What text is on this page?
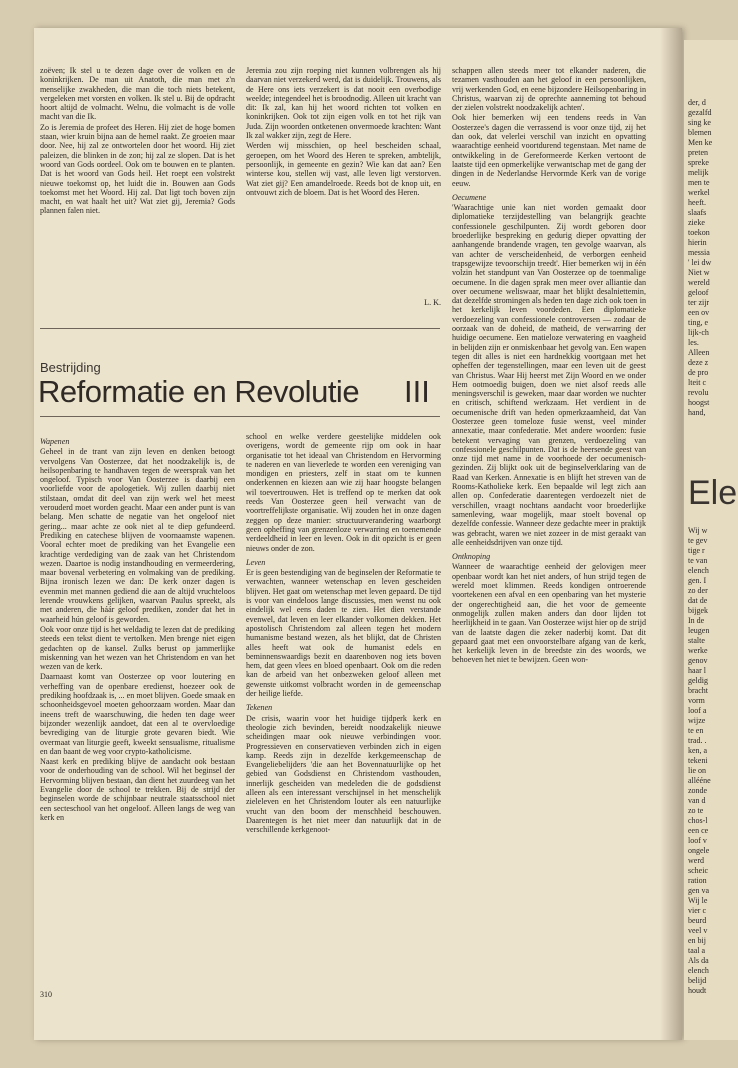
der, d
gezalfd
sing ke
blemen
Men ke
preten
spreke
melijk
men te
werkel
heeft.
slaafs
zieke
toekon
hierin
messia
' lei dw
Niet w
wereld
geloof
ter zijr
een ov
ting, e
lijk-ch
les.
Alleen
deze z
de pro
lteit c
revolu
hoogst
hand,
Ele
Wij w
te gev
tige r
te van
elench
gen. I
zo der
dat de
bijgek
In de
leugen
stalte
werke
genov
haar l
geldig
bracht
vorm
loof a
wijze
te en
trad. .
ken, a
tekeni
lie on
allééne
zonde
van d
zo te
chos-l
een ce
loof v
ongele
werd
scheic
ration
gen va
Wij le
vier c
beurd
veel v
en bij
taal a
Als da
elench
belijd
houdt

zoëven; Ik stel u te dezen dage over de volken en de koninkrijken. De man uit Anatoth, die man met z'n menselijke zwakheden, die man die toch niets betekent, vergeleken met vorsten en volken. Ik stel u. Bij de opdracht hoort altijd de volmacht. Welnu, die volmacht is de volle macht van die Ik.

Zo is Jeremia de profeet des Heren. Hij ziet de hoge bomen staan, wier kruin bijna aan de hemel raakt. Ze groeien maar door. Nee, hij zal ze ontwortelen door het woord. Hij ziet paleizen, die blinken in de zon; hij zal ze slopen. Dat is het woord van Gods oordeel. Ook om te bouwen en te planten. Dat is het woord van Gods heil. Het roept een volstrekt nieuwe toekomst op, het luidt die in. Bouwen aan Gods toekomst met het Woord. Hij zal. Dat ligt toch boven zijn macht, en wat haalt het uit? Wat ziet gij, Jeremia? Gods plannen falen niet.

Jeremia zou zijn roeping niet kunnen volbrengen als hij daarvan niet verzekerd werd, dat is duidelijk. Trouwens, als de Here ons iets verzekert is dat nooit een overbodige weelde; integendeel het is broodnodig. Alleen uit kracht van dit: Ik zal, kan hij het woord richten tot volken en koninkrijken. Ook tot zijn eigen volk en tot het rijk van Juda. Zijn woorden ontketenen onvermoede krachten: Want Ik zal wakker zijn, zegt de Here.

Werden wij misschien, op heel bescheiden schaal, geroepen, om het Woord des Heren te spreken, ambtelijk, persoonlijk, in gemeente en gezin? Wie kan dat aan? Een winterse kou, stellen wij vast, alle leven ligt verstorven. Wat ziet gij? Een amandelroede. Reeds bot de knop uit, en ontvouwt zich de bloem. Dat is het Woord des Heren.

L. K.
Bestrijding
Reformatie en Revolutie III

Wapenen

Geheel in de trant van zijn leven en denken betoogt vervolgens Van Oosterzee, dat het noodzakelijk is, de heilsopenbaring te handhaven tegen de weersprak van het ongeloof. Typisch voor Van Oosterzee is daarbij een voorliefde voor de apologetiek. Wij zullen daarbij niet stilstaan, omdat dit deel van zijn werk wel het meest verouderd moet worden geacht. Maar een ander punt is van belang. Men schatte de negatie van het ongeloof niet gering... maar achte ze ook niet al te diep gefundeerd. Prediking en catechese blijven de voornaamste wapenen. Vooral echter moet de prediking van het Evangelie een krachtige verdediging van de zaak van het Christendom wezen. Daartoe is nodig instandhouding en vermeerdering, maar bovenal verbetering en volmaking van de prediking. Bijna ironisch lezen we dan: De kerk onzer dagen is evenmin met mannen gediend die aan de altijd vruchteloos lerende vrouwkens gelijken, waarvan Paulus spreekt, als met anderen, die háár geloof prediken, zonder dat het in waarheid hún geloof is geworden.

Ook voor onze tijd is het weldadig te lezen dat de prediking steeds een tekst dient te vertolken. Men brenge niet eigen gedachten op de kansel. Zulks berust op jammerlijke miskenning van het wezen van het Christendom en van het wezen van de kerk.

Daarnaast komt van Oosterzee op voor loutering en verheffing van de openbare eredienst, hoezeer ook de prediking hoofdzaak is, ... en moet blijven. Goede smaak en schoonheidsgevoel moeten gehoorzaam worden. Maar dan ineens treft de waarschuwing, die heden ten dage weer bijzonder wezenlijk aandoet, dat een al te overvloedige bevrediging van de liturgie grote gevaren biedt. Wie overmaat van liturgie geeft, kweekt sensualisme, ritualisme en dan baant de weg voor crypto-katholicisme.

Naast kerk en prediking blijve de aandacht ook bestaan voor de onderhouding van de school. Wil het beginsel der Hervorming blijven bestaan, dan dient het zuurdeeg van het Evangelie door de school te trekken. Bij de strijd der beginselen worde de schijnbaar neutrale staatsschool niet een secteschool van het ongeloof. Alleen langs de weg van kerk en

school en welke verdere geestelijke middelen ook overigens, wordt de gemeente rijp om ook in haar organisatie tot het ideaal van Christendom en Hervorming te naderen en van lieverlede te worden een vereniging van mondigen en priesters, zelf in staat om te kunnen onderkennen en kiezen aan wie zij haar hoogste belangen wil toevertrouwen. Het is treffend op te merken dat ook reeds Van Oosterzee geen heil verwacht van de voortreffelijkste organisatie. Wij zouden het in onze dagen zeggen op deze manier: structuurverandering waarborgt geen opheffing van grenzenloze verwarring en toenemende verdeeldheid in leer en leven. Ook in dit opzicht is er geen nieuws onder de zon.

Leven

Er is geen bestendiging van de beginselen der Reformatie te verwachten, wanneer wetenschap en leven gescheiden blijven. Het gaat om wetenschap met leven gepaard. De tijd is voor van eindeloos lange discussies, men wenst nu ook eindelijk wel eens daden te zien. Het dien verstande evenwel, dat leven en leer elkander volkomen dekken. Het apostolisch Christendom zal alleen tegen het modern humanisme bestand wezen, als het blijkt, dat de Christen alles heeft wat ook de humanist edels en beminnenswaardigs bezit en daarenboven nog iets boven hem, dat geen vlees en bloed openbaart. Ook om die reden kan de arbeid van het onbezweken geloof alleen met gewenste uitkomst volbracht worden in de gemeenschap der heilige liefde.

Tekenen

De crisis, waarin voor het huidige tijdperk kerk en theologie zich bevinden, bereidt noodzakelijk nieuwe scheidingen maar ook nieuwe verbindingen voor. Progressieven en conservatieven verbinden zich in eigen kamp. Reeds zijn in dezelfde kerkgemeenschap de Evangeliebelijders 'die aan het Bovennatuurlijke op het gebied van Godsdienst en Christendom vasthouden, innerlijk gescheiden van medeleden die de godsdienst alleen als een interessant verschijnsel in het menschelijk zieleleven en het Christendom louter als een natuurlijke vrucht van den boom der menschheid beschouwen. Daarentegen is het niet meer dan natuurlijk dat in de verschillende kerkgenoot-

schappen allen steeds meer tot elkander naderen, die tezamen vasthouden aan het geloof in een persoonlijken, vrij werkenden God, en eene bijzondere Heilsopenbaring in Christus, waarvan zij de oprechte aanneming tot behoud der zielen volstrekt noodzakelijk achten'.

Ook hier bemerken wij een tendens reeds in Van Oosterzee's dagen die verrassend is voor onze tijd, zij het dan ook, dat velerlei verschil van inzicht en opvatting waarachtige eenheid voortdurend tegenstaan. Met name de ontwikkeling in de Gereformeerde Kerken vertoont de laatste tijd een opmerkelijke verwantschap met de gang der dingen in de Nederlandse Hervormde Kerk van de vorige eeuw.

Oecumene

'Waarachtige unie kan niet worden gemaakt door diplomatieke terzijdestelling van belangrijk geachte confessionele geschilpunten. Zij wordt geboren door broederlijke bespreking en gedurig dieper opvatting der aanhangende brandende vragen, ten gevolge waarvan, als van achter de verscheidenheid, de verborgen eenheid trapsgewijze tevoorschijn treedt'. Hier bemerken wij in één volzin het standpunt van Van Oosterzee op de toenmalige oecumene. In die dagen sprak men meer over alliantie dan over oecumene weliswaar, maar het blijkt desalniettemin, dat dezelfde stromingen als heden ten dage zich ook toen in het kerkelijk leven voordeden. Een diplomatieke verdoezeling van confessionele controversen — zodaar de oorzaak van de doheid, de matheid, de verwarring der huidige oecumene. Een matieloze verwatering en vaagheid in belijden zijn er onmiskenbaar het gevolg van. Een wapen tegen dit alles is niet een hardnekkig voortgaan met het opheffen der tegenstellingen, maar een leven uit de geest van Christus. Waar Hij heerst met Zijn Woord en we onder Hem ootmoedig buigen, doen we niet alsof reeds alle meningsverschil is geweken, maar daar worden we nuchter en critisch, schiftend werkzaam. Het verdient in de oecumenische drift van heden opmerkzaamheid, dat Van Oosterzee geen tomeloze fusie wenst, veel minder annexatie, maar confederatie. Met andere woorden: fusie betekent vervaging van grenzen, verdoezeling van confessionele geschilpunten. Dat is de heersende geest van onze tijd met name in de voorhoede der oecumenisch-gezinden. Zij blijkt ook uit de beginselverklaring van de Raad van Kerken. Annexatie is en blijft het streven van de Rooms-Katholieke kerk. Een bepaalde wil legt zich aan allen op. Confederatie daarentegen verdoezelt niet de verschillen, vraagt nochtans aandacht voor broederlijke samenleving, waar mogelijk, maar stoelt bovenal op dezelfde confessie. Wanneer deze gedachte meer in praktijk was gebracht, waren we niet zozeer in de mist geraakt van alle eenheidsdrijven van onze tijd.

Ontknoping

Wanneer de waarachtige eenheid der gelovigen meer openbaar wordt kan het niet anders, of hun strijd tegen de wereld moet klimmen. Reeds kondigen ontroerende voortekenen een afval en een openbaring van het mysterie der ongerechtigheid aan, die het voor de gemeente onmogelijk zullen maken anders dan door lijden tot heerlijkheid in te gaan. Van Oosterzee wijst hier op de strijd van de laatste dagen die zeker naderbij komt. Dat dit gepaard gaat met een onvoorstelbare afgang van de kerk, het kerkelijk leven in de breedste zin des woords, we behoeven het niet te bewijzen. Geen won-

310
